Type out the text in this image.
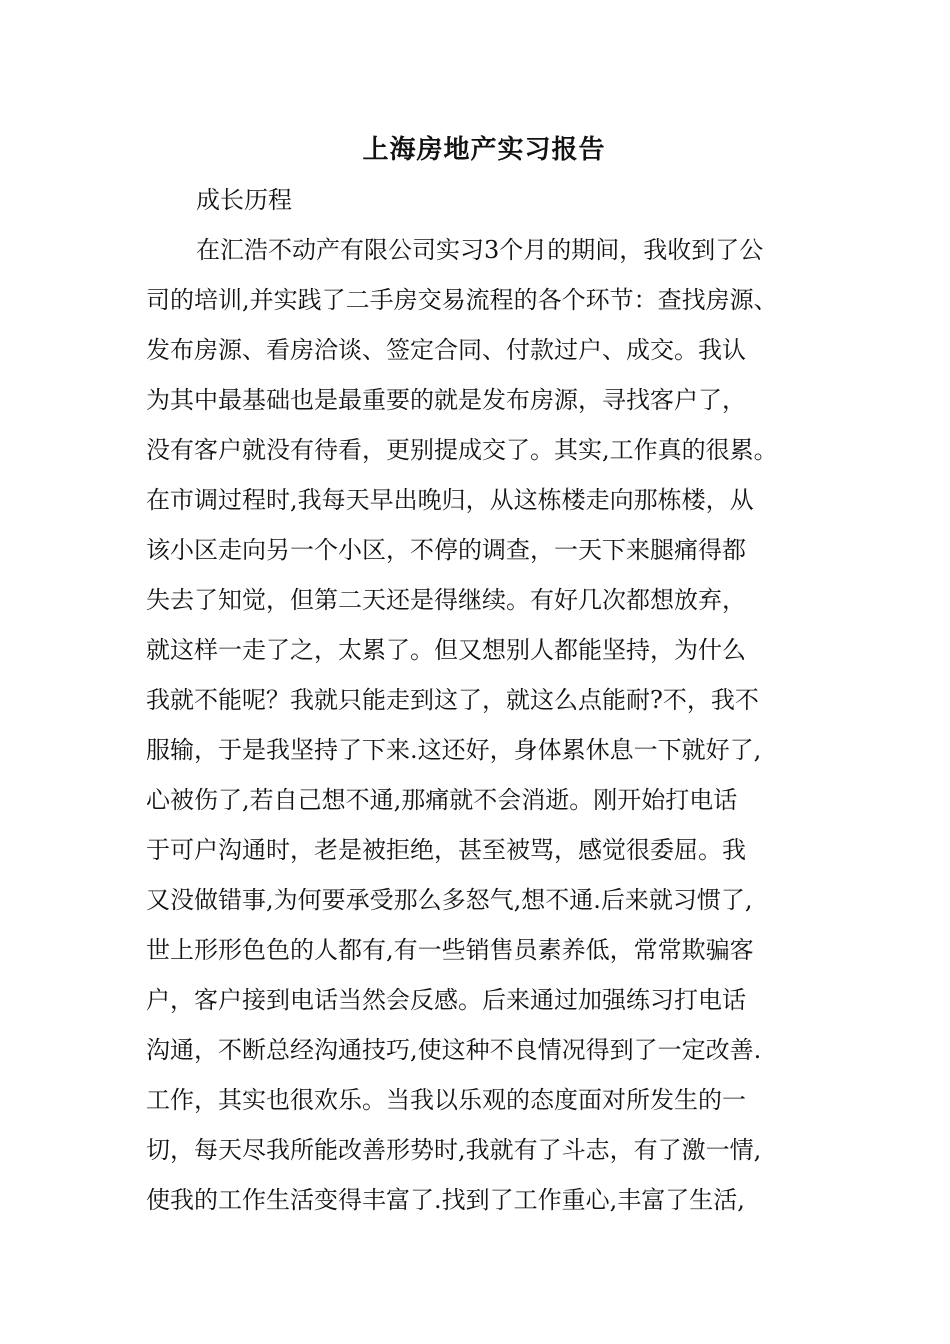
上海房地产实习报告
成长历程
在汇浩不动产有限公司实习3个月的期间，我收到了公
司的培训,并实践了二手房交易流程的各个环节：查找房源、
发布房源、看房洽谈、签定合同、付款过户、成交。我认
为其中最基础也是最重要的就是发布房源，寻找客户了，
没有客户就没有待看，更别提成交了。其实,工作真的很累。
在市调过程时,我每天早出晚归，从这栋楼走向那栋楼，从
该小区走向另一个小区，不停的调查，一天下来腿痛得都
失去了知觉，但第二天还是得继续。有好几次都想放弃，
就这样一走了之，太累了。但又想别人都能坚持，为什么
我就不能呢？我就只能走到这了，就这么点能耐?不，我不
服输，于是我坚持了下来.这还好，身体累休息一下就好了,
心被伤了,若自己想不通,那痛就不会消逝。刚开始打电话
于可户沟通时，老是被拒绝，甚至被骂，感觉很委屈。我
又没做错事,为何要承受那么多怒气,想不通.后来就习惯了,
世上形形色色的人都有,有一些销售员素养低，常常欺骗客
户，客户接到电话当然会反感。后来通过加强练习打电话
沟通，不断总经沟通技巧,使这种不良情况得到了一定改善.
工作，其实也很欢乐。当我以乐观的态度面对所发生的一
切，每天尽我所能改善形势时,我就有了斗志，有了激一情,
使我的工作生活变得丰富了.找到了工作重心,丰富了生活,
